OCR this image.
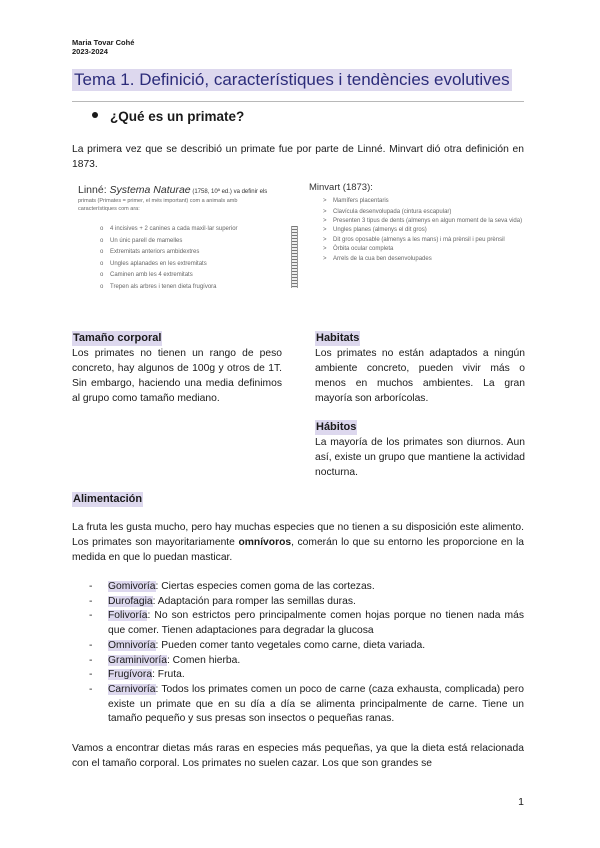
Maria Tovar Cohé
2023-2024
Tema 1. Definició, característiques i tendències evolutives
¿Qué es un primate?
La primera vez que se describió un primate fue por parte de Linné. Minvart dió otra definición en 1873.
Linné: Systema Naturae (1758, 10ª ed.) va definir els
primats (Primates = primer, el més important) com a animals amb
característiques com ara:
o 4 incisives + 2 canines a cada maxil·lar superior
o Un únic parell de mamelles
o Extremitats anteriors ambidextres
o Ungles aplanades en les extremitats
o Caminen amb les 4 extremitats
o Trepen als arbres i tenen dieta frugívora
Minvart (1873):
> Mamífers placentaris
> Clavícula desenvolupada (cintura escapular)
> Presenten 3 tipus de dents (almenys en algun moment de la seva vida)
> Ungles planes (almenys el dit gros)
> Dit gros oposable (almenys a les mans) i mà prènsil i peu prènsil
> Òrbita ocular completa
> Arrels de la cua ben desenvolupades
Tamaño corporal
Los primates no tienen un rango de peso concreto, hay algunos de 100g y otros de 1T. Sin embargo, haciendo una media definimos al grupo como tamaño mediano.
Habitats
Los primates no están adaptados a ningún ambiente concreto, pueden vivir más o menos en muchos ambientes. La gran mayoría son arborícolas.
Hábitos
La mayoría de los primates son diurnos. Aun así, existe un grupo que mantiene la actividad nocturna.
Alimentación
La fruta les gusta mucho, pero hay muchas especies que no tienen a su disposición este alimento. Los primates son mayoritariamente omnívoros, comerán lo que su entorno les proporcione en la medida en que lo puedan masticar.
- Gomivoría: Ciertas especies comen goma de las cortezas.
- Durofagia: Adaptación para romper las semillas duras.
- Folivoría: No son estrictos pero principalmente comen hojas porque no tienen nada más que comer. Tienen adaptaciones para degradar la glucosa
- Omnivoría: Pueden comer tanto vegetales como carne, dieta variada.
- Graminivoría: Comen hierba.
- Frugívora: Fruta.
- Carnivoría: Todos los primates comen un poco de carne (caza exhausta, complicada) pero existe un primate que en su día a día se alimenta principalmente de carne. Tiene un tamaño pequeño y sus presas son insectos o pequeñas ranas.
Vamos a encontrar dietas más raras en especies más pequeñas, ya que la dieta está relacionada con el tamaño corporal. Los primates no suelen cazar. Los que son grandes se
1
